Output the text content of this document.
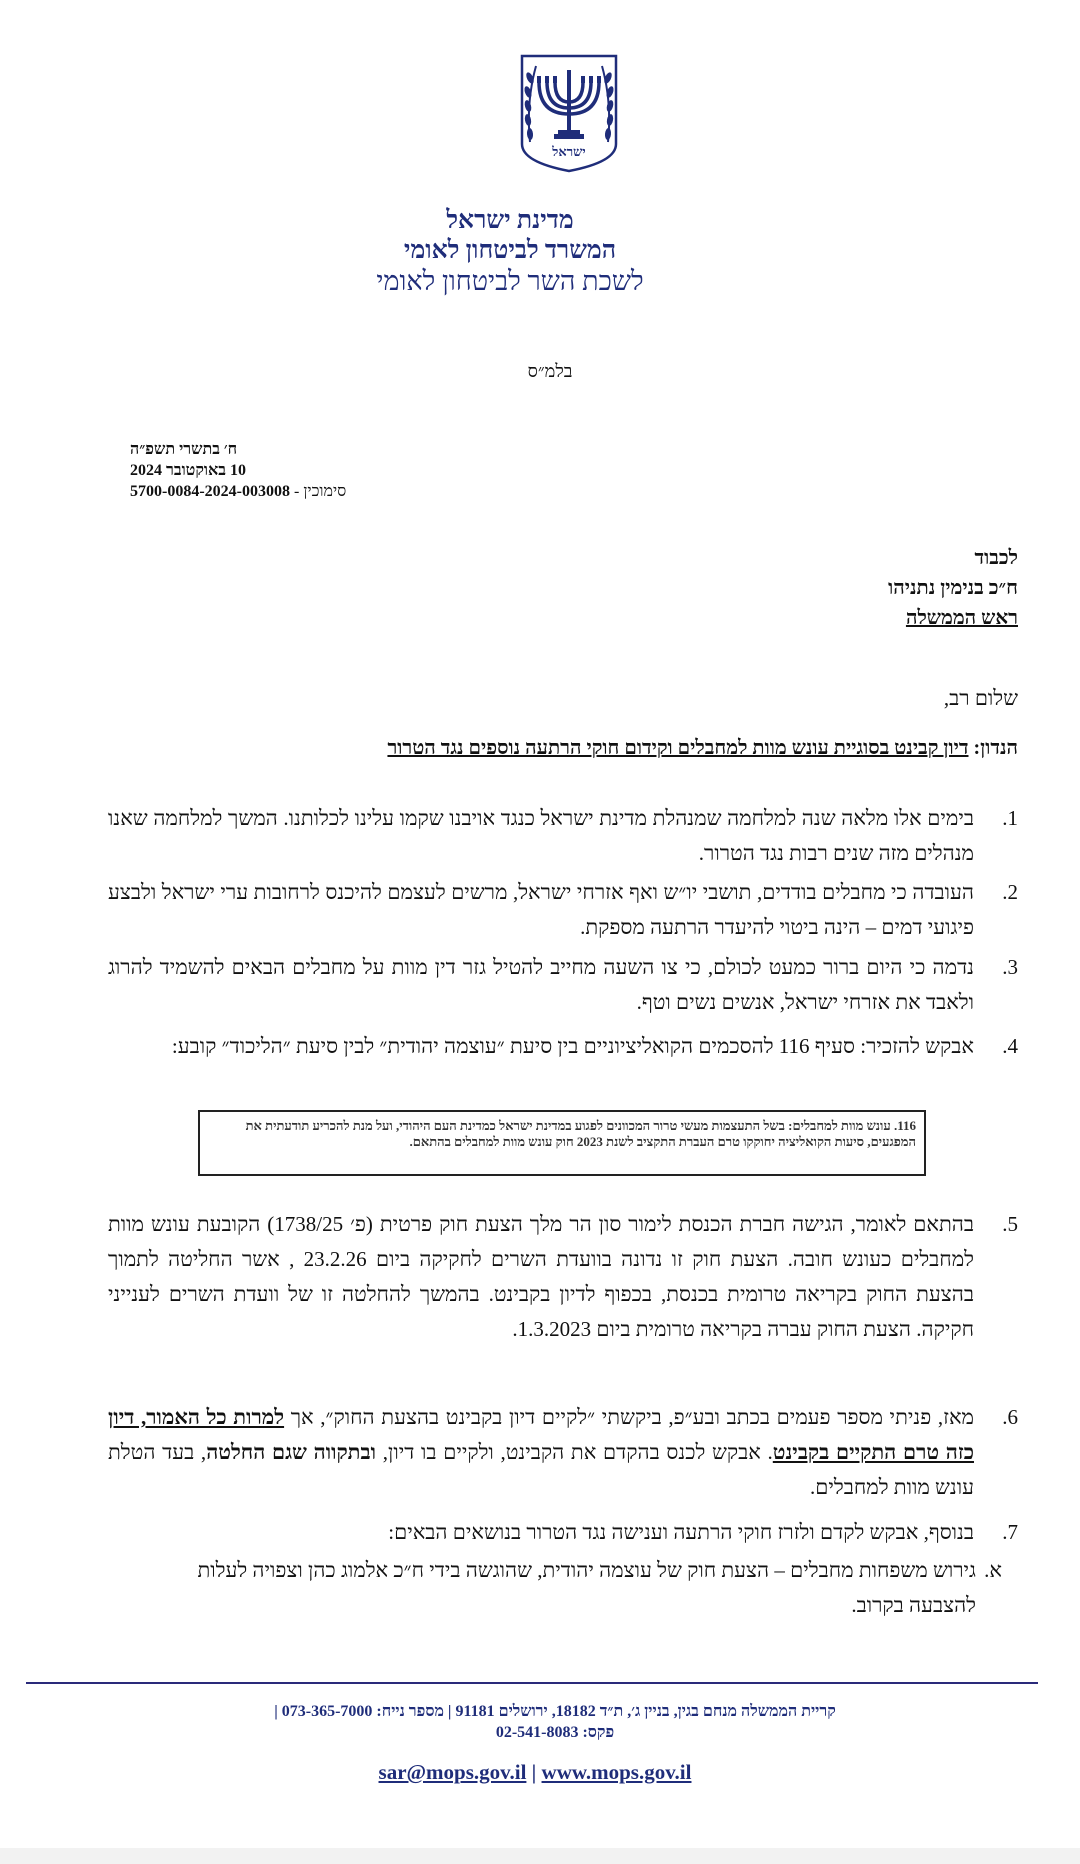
ישראל
מדינת ישראל
המשרד לביטחון לאומי
לשכת השר לביטחון לאומי
בלמ״ס
ח׳ בתשרי תשפ״ה
10 באוקטובר 2024
סימוכין - 5700-0084-2024-003008
לכבוד
ח״כ בנימין נתניהו
ראש הממשלה
שלום רב,
הנדון: דיון קבינט בסוגיית עונש מוות למחבלים וקידום חוקי הרתעה נוספים נגד הטרור
1.
בימים אלו מלאה שנה למלחמה שמנהלת מדינת ישראל כנגד אויבנו שקמו עלינו לכלותנו. המשך למלחמה שאנו מנהלים מזה שנים רבות נגד הטרור.
2.
העובדה כי מחבלים בודדים, תושבי יו״ש ואף אזרחי ישראל, מרשים לעצמם להיכנס לרחובות ערי ישראל ולבצע פיגועי דמים – הינה ביטוי להיעדר הרתעה מספקת.
3.
נדמה כי היום ברור כמעט לכולם, כי צו השעה מחייב להטיל גזר דין מוות על מחבלים הבאים להשמיד להרוג ולאבד את אזרחי ישראל, אנשים נשים וטף.
4.
אבקש להזכיר: סעיף 116 להסכמים הקואליציוניים בין סיעת ״עוצמה יהודית״ לבין סיעת ״הליכוד״ קובע:
116. עונש מוות למחבלים: בשל התעצמות מעשי טרור המכוונים לפגוע במדינת ישראל כמדינת העם היהודי, ועל מנת להכריע תודעתית את המפגעים, סיעות הקואליציה יחוקקו טרם העברת התקציב לשנת 2023 חוק עונש מוות למחבלים בהתאם.
5.
בהתאם לאומר, הגישה חברת הכנסת לימור סון הר מלך הצעת חוק פרטית (פ׳ 1738/25) הקובעת עונש מוות למחבלים כעונש חובה. הצעת חוק זו נדונה בוועדת השרים לחקיקה ביום 23.2.26 , אשר החליטה לתמוך בהצעת החוק בקריאה טרומית בכנסת, בכפוף לדיון בקבינט. בהמשך להחלטה זו של וועדת השרים לענייני חקיקה. הצעת החוק עברה בקריאה טרומית ביום 1.3.2023.
6.
מאז, פניתי מספר פעמים בכתב ובע״פ, ביקשתי ״לקיים דיון בקבינט בהצעת החוק״, אך למרות כל האמור, דיון כזה טרם התקיים בקבינט. אבקש לכנס בהקדם את הקבינט, ולקיים בו דיון, ובתקווה שגם החלטה, בעד הטלת עונש מוות למחבלים.
7.
בנוסף, אבקש לקדם ולזרז חוקי הרתעה וענישה נגד הטרור בנושאים הבאים:
א.
גירוש משפחות מחבלים – הצעת חוק של עוצמה יהודית, שהוגשה בידי ח״כ אלמוג כהן וצפויה לעלות להצבעה בקרוב.
קריית הממשלה מנחם בגין, בניין ג׳, ת״ד 18182, ירושלים 91181 | מספר נייח: 073-365-7000 |
פקס: 02-541-8083
sar@mops.gov.il | www.mops.gov.il
